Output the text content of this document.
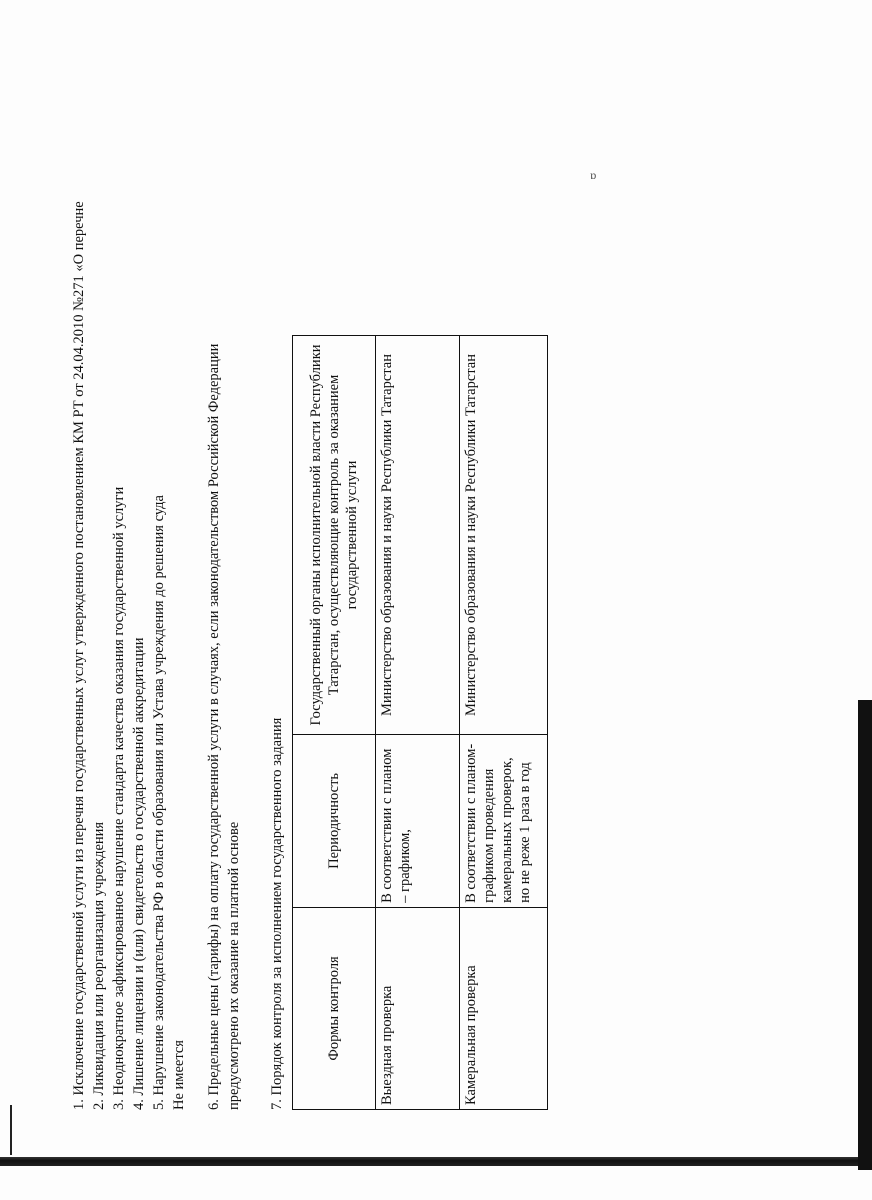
ɒ
1. Исключение государственной услуги из перечня государственных услуг утвержденного постановлением КМ РТ от 24.04.2010 №271 «О перечне 2. Ликвидация или реорганизация учреждения 3. Неоднократное зафиксированное нарушение стандарта качества оказания государственной услуги 4. Лишение лицензии и (или) свидетельств о государственной аккредитации 5. Нарушение законодательства РФ в области образования или Устава учреждения до решения суда Не имеется 6. Предельные цены (тарифы) на оплату государственной услуги в случаях, если законодательством Российской Федерации предусмотрено их оказание на платной основе 7. Порядок контроля за исполнением государственного задания	Формы контроля	Периодичность	Государственный органы исполнительной власти Республики Татарстан, осуществляющие контроль за оказанием государственной услуги
Выездная проверка	В соответствии с планом – графиком,	Министерство образования и науки Республики Татарстан
Камеральная проверка	В соответствии с планом-графиком проведения камеральных проверок, но не реже 1 раза в год	Министерство образования и науки Республики Татарстан
